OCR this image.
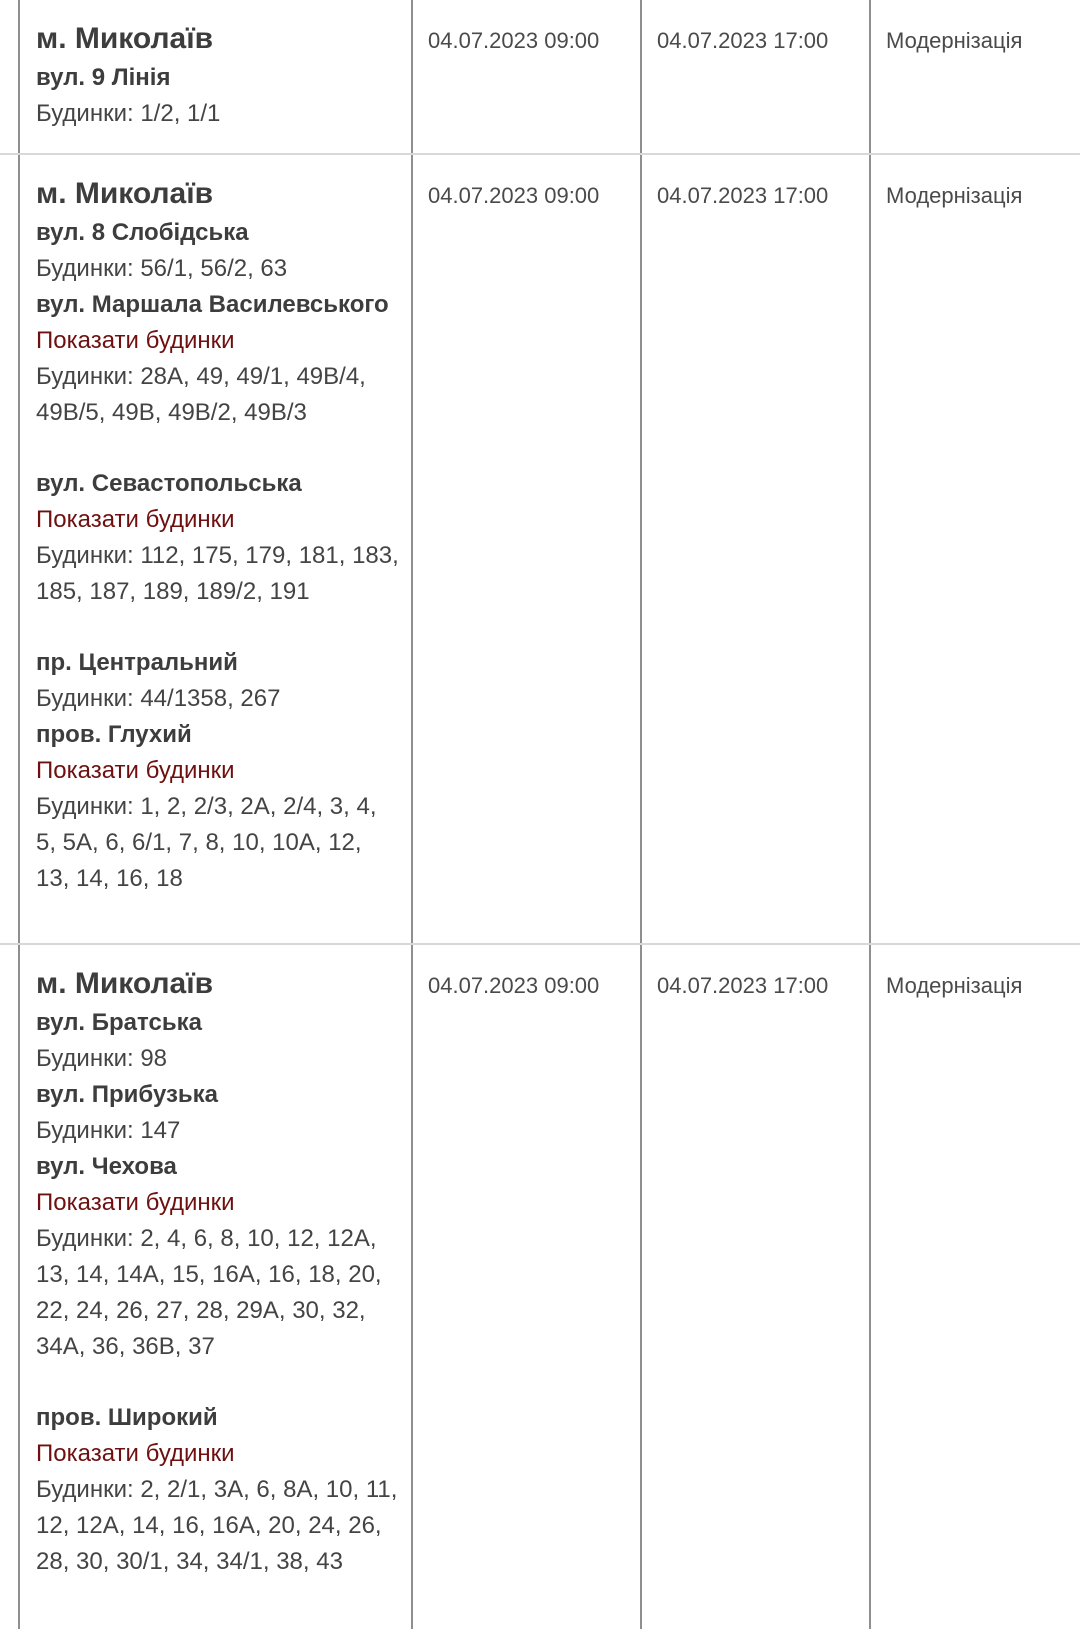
м. Миколаїв
вул. 9 Лінія
Будинки: 1/2, 1/1
04.07.2023 09:00	04.07.2023 17:00	Модернізація
м. Миколаїв
вул. 8 Слобідська
Будинки: 56/1, 56/2, 63
вул. Маршала Василевського
Показати будинки
Будинки: 28А, 49, 49/1, 49В/4, 49В/5, 49В, 49В/2, 49В/3
вул. Севастопольська
Показати будинки
Будинки: 112, 175, 179, 181, 183, 185, 187, 189, 189/2, 191
пр. Центральний
Будинки: 44/1358, 267
пров. Глухий
Показати будинки
Будинки: 1, 2, 2/3, 2А, 2/4, 3, 4, 5, 5А, 6, 6/1, 7, 8, 10, 10А, 12, 13, 14, 16, 18
04.07.2023 09:00	04.07.2023 17:00	Модернізація
м. Миколаїв
вул. Братська
Будинки: 98
вул. Прибузька
Будинки: 147
вул. Чехова
Показати будинки
Будинки: 2, 4, 6, 8, 10, 12, 12А, 13, 14, 14А, 15, 16А, 16, 18, 20, 22, 24, 26, 27, 28, 29А, 30, 32, 34А, 36, 36В, 37
пров. Широкий
Показати будинки
Будинки: 2, 2/1, 3А, 6, 8А, 10, 11, 12, 12А, 14, 16, 16А, 20, 24, 26, 28, 30, 30/1, 34, 34/1, 38, 43
04.07.2023 09:00	04.07.2023 17:00	Модернізація
